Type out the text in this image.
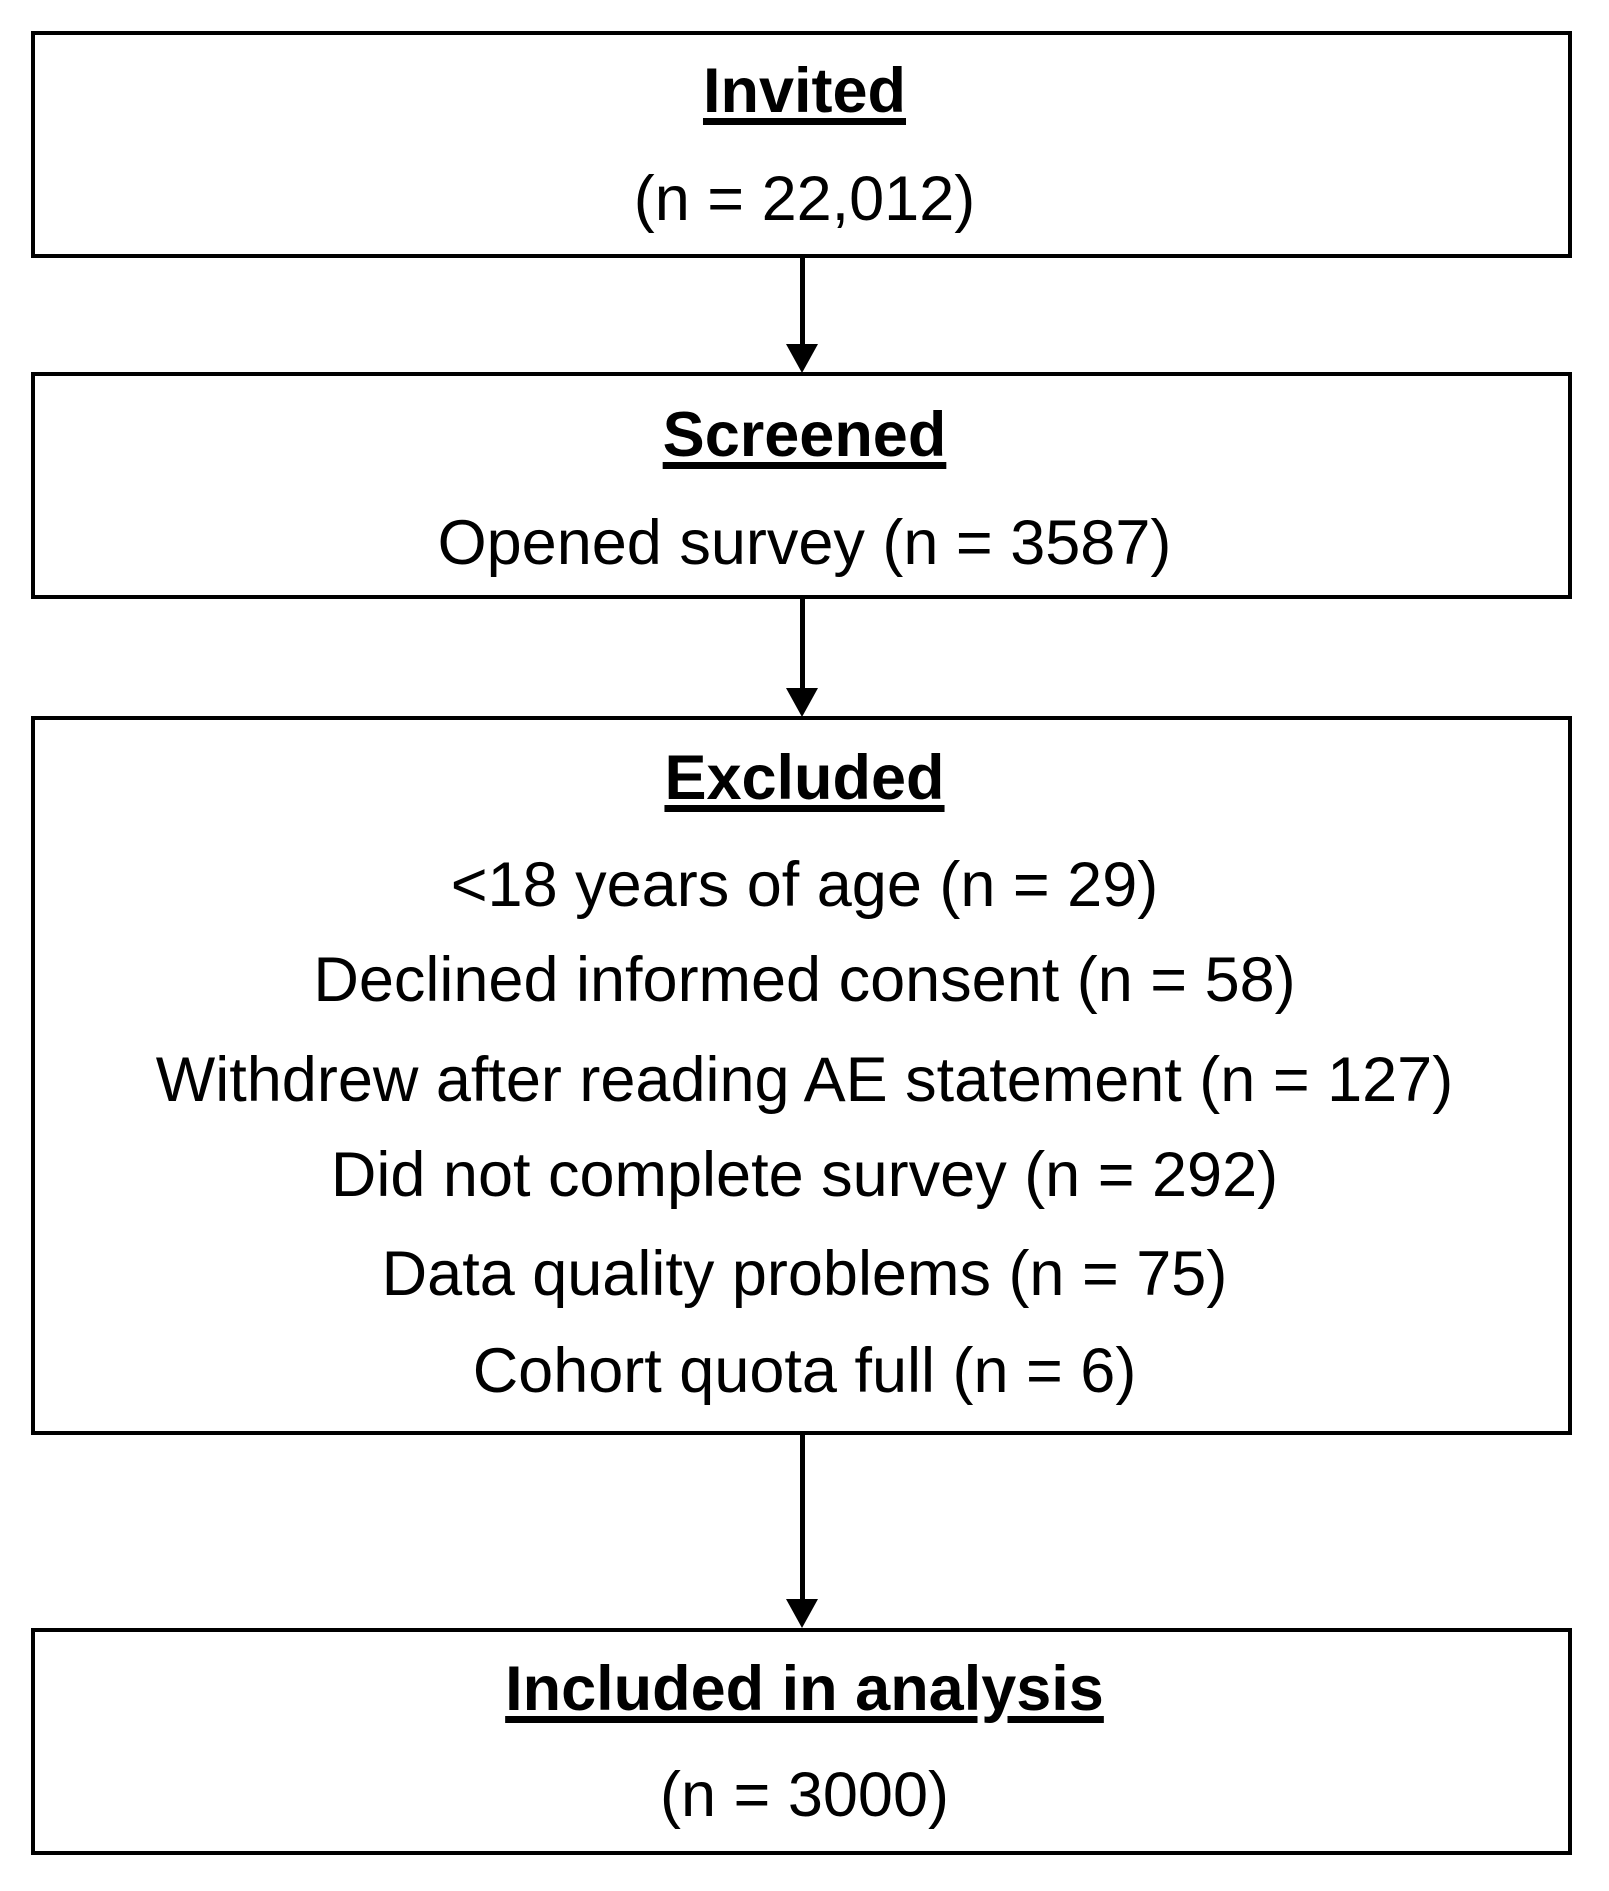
Invited
(n = 22,012)
Screened
Opened survey (n = 3587)
Excluded
<18 years of age (n = 29)
Declined informed consent (n = 58)
Withdrew after reading AE statement (n = 127)
Did not complete survey (n = 292)
Data quality problems (n = 75)
Cohort quota full (n = 6)
Included in analysis
(n = 3000)
